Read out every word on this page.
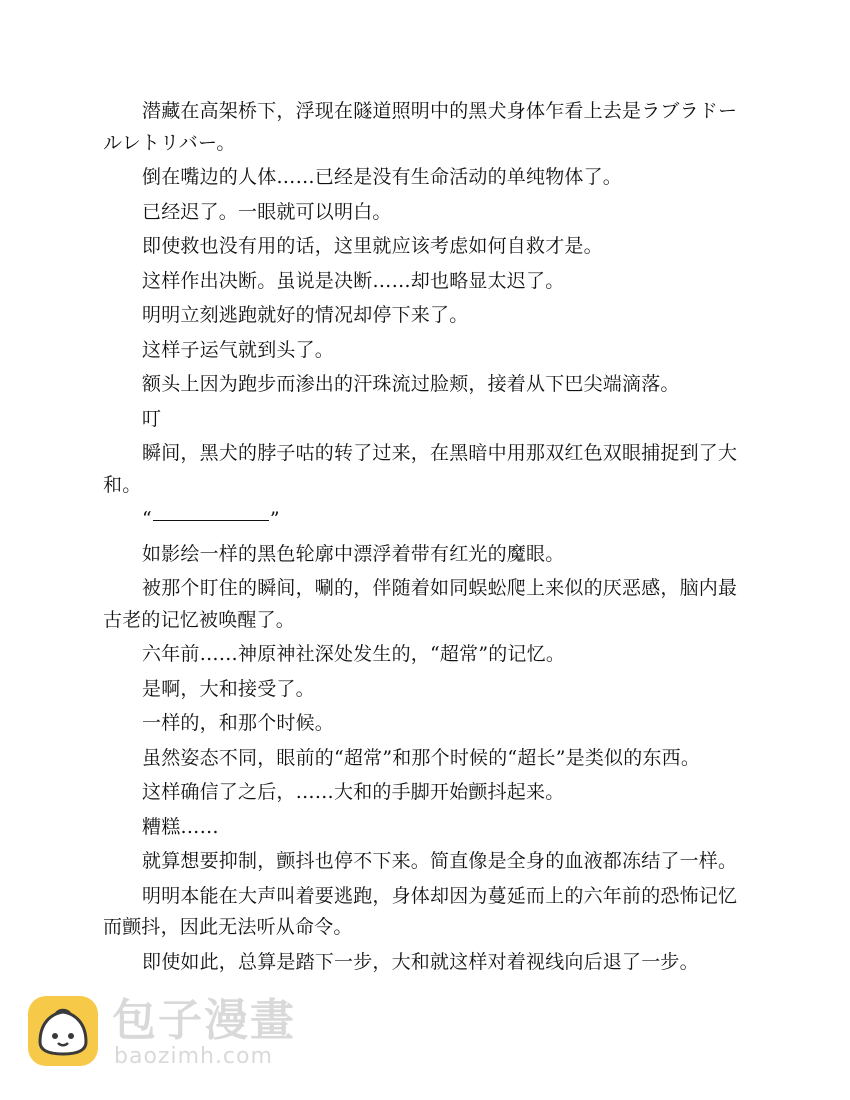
潜藏在高架桥下，浮现在隧道照明中的黑犬身体乍看上去是ラブラドールレトリバー。

倒在嘴边的人体……已经是没有生命活动的单纯物体了。

已经迟了。一眼就可以明白。

即使救也没有用的话，这里就应该考虑如何自救才是。

这样作出决断。虽说是决断……却也略显太迟了。

明明立刻逃跑就好的情况却停下来了。

这样子运气就到头了。

额头上因为跑步而渗出的汗珠流过脸颊，接着从下巴尖端滴落。

叮

瞬间，黑犬的脖子咕的转了过来，在黑暗中用那双红色双眼捕捉到了大和。

“	”

如影绘一样的黑色轮廓中漂浮着带有红光的魔眼。

被那个盯住的瞬间，唰的，伴随着如同蜈蚣爬上来似的厌恶感，脑内最古老的记忆被唤醒了。

六年前……神原神社深处发生的，“超常”的记忆。

是啊，大和接受了。

一样的，和那个时候。

虽然姿态不同，眼前的“超常”和那个时候的“超长”是类似的东西。

这样确信了之后，……大和的手脚开始颤抖起来。

糟糕……

就算想要抑制，颤抖也停不下来。简直像是全身的血液都冻结了一样。

明明本能在大声叫着要逃跑，身体却因为蔓延而上的六年前的恐怖记忆而颤抖，因此无法听从命令。

即使如此，总算是踏下一步，大和就这样对着视线向后退了一步。

包子漫畫
baozimh.com
